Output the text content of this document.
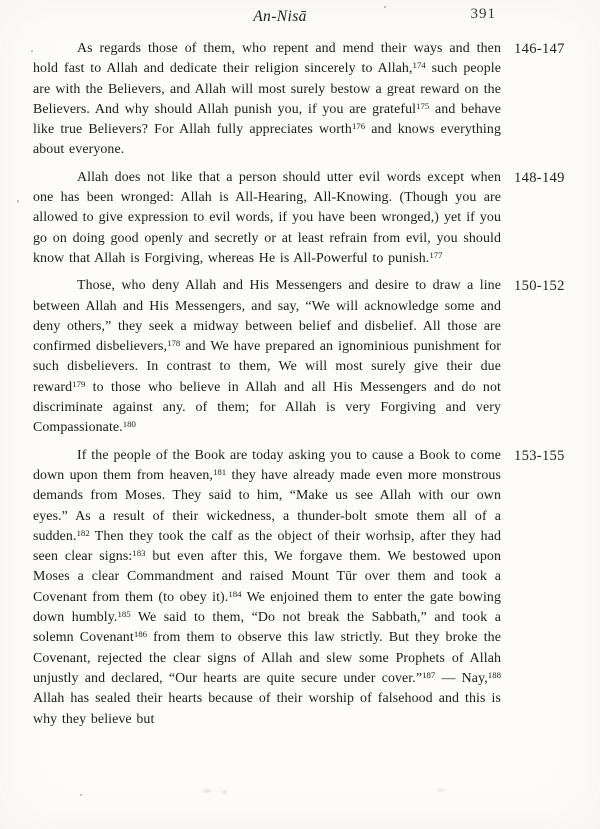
An-Nisā	391

As regards those of them, who repent and mend their ways and then hold fast to Allah and dedicate their religion sincerely to Allah,$^{174}$ such people are with the Believers, and Allah will most surely bestow a great reward on the Believers. And why should Allah punish you, if you are grateful$^{175}$ and behave like true Believers? For Allah fully appreciates worth$^{176}$ and knows everything about everyone.

146-147

Allah does not like that a person should utter evil words except when one has been wronged: Allah is All-Hearing, All-Knowing. (Though you are allowed to give expression to evil words, if you have been wronged,) yet if you go on doing good openly and secretly or at least refrain from evil, you should know that Allah is Forgiving, whereas He is All-Powerful to punish.$^{177}$

148-149

Those, who deny Allah and His Messengers and desire to draw a line between Allah and His Messengers, and say, “We will acknowledge some and deny others,” they seek a midway between belief and disbelief. All those are confirmed disbelievers,$^{178}$ and We have prepared an ignominious punishment for such disbelievers. In contrast to them, We will most surely give their due reward$^{179}$ to those who believe in Allah and all His Messengers and do not discriminate against any. of them; for Allah is very Forgiving and very Compassionate.$^{180}$

150-152

If the people of the Book are today asking you to cause a Book to come down upon them from heaven,$^{181}$ they have already made even more monstrous demands from Moses. They said to him, “Make us see Allah with our own eyes.” As a result of their wickedness, a thunder-bolt smote them all of a sudden.$^{182}$ Then they took the calf as the object of their worhsip, after they had seen clear signs:$^{183}$ but even after this, We forgave them. We bestowed upon Moses a clear Commandment and raised Mount Tūr over them and took a Covenant from them (to obey it).$^{184}$ We enjoined them to enter the gate bowing down humbly.$^{185}$ We said to them, “Do not break the Sabbath,” and took a solemn Covenant$^{186}$ from them to observe this law strictly. But they broke the Covenant, rejected the clear signs of Allah and slew some Prophets of Allah unjustly and declared, “Our hearts are quite secure under cover.”$^{187}$ — Nay,$^{188}$ Allah has sealed their hearts because of their worship of falsehood and this is why they believe but

153-155
